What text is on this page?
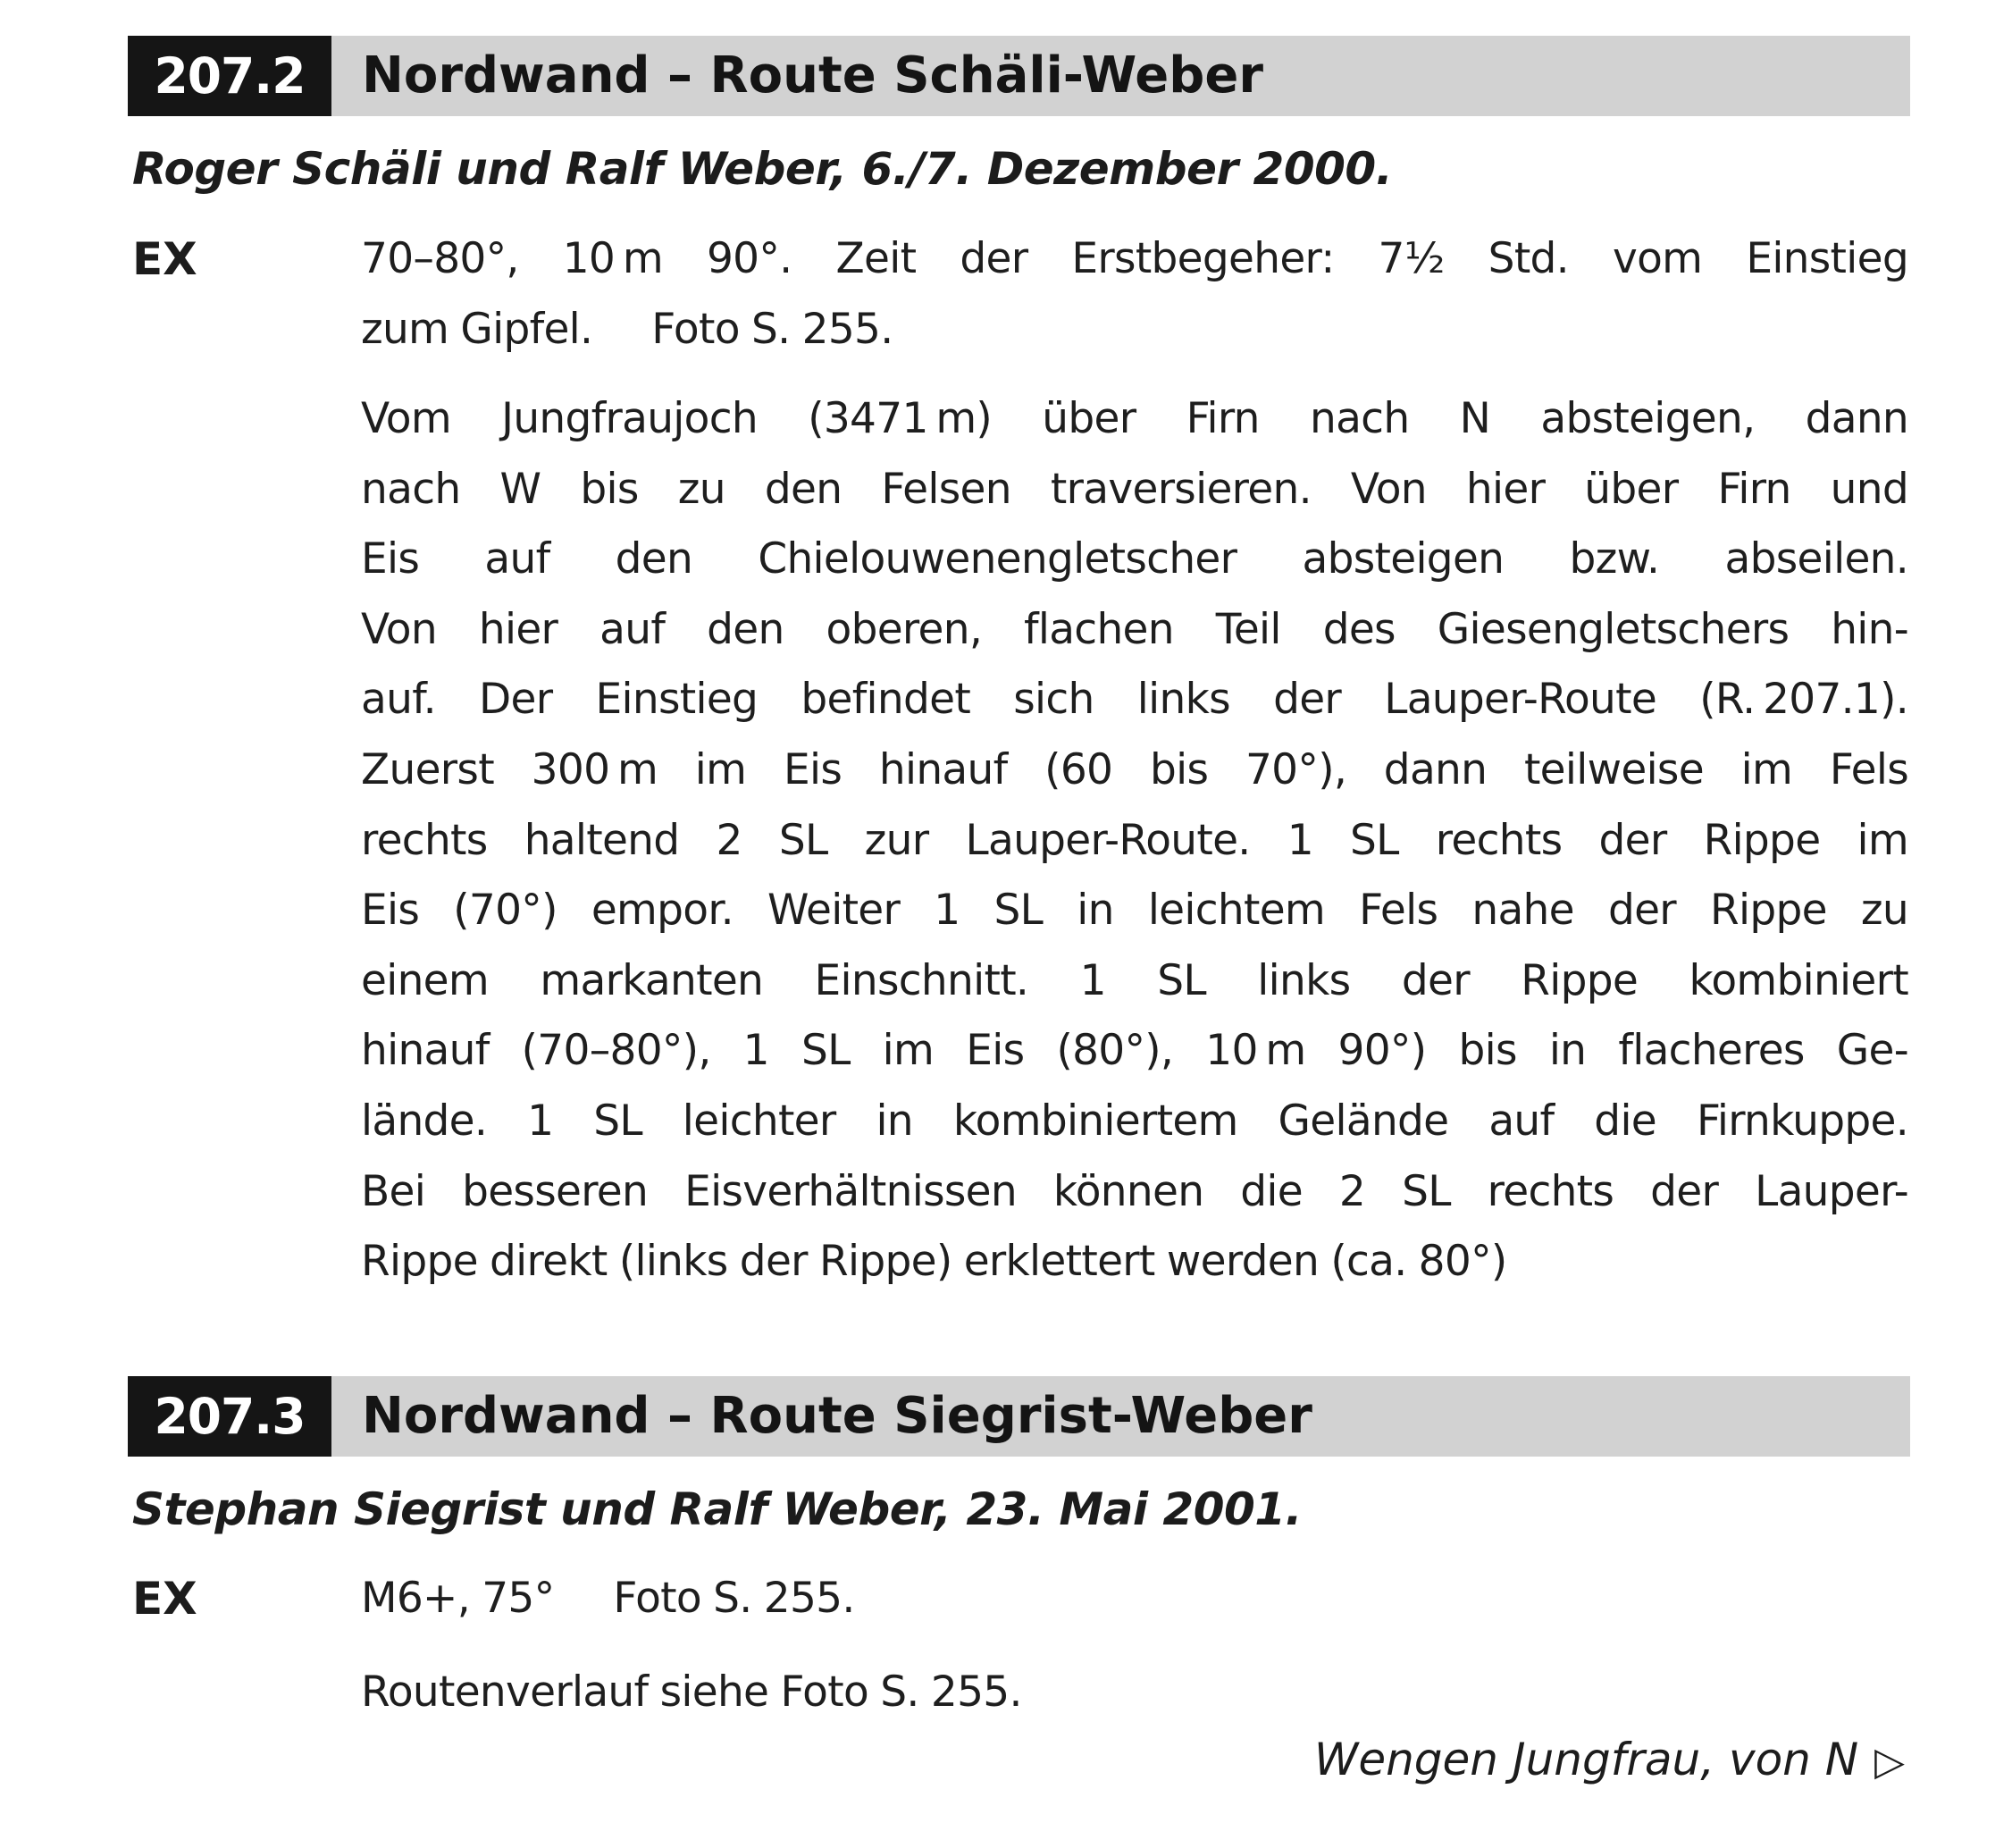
207.2	Nordwand – Route Schäli-Weber
Roger Schäli und Ralf Weber, 6./7. Dezember 2000.
EX	70–80°, 10 m 90°. Zeit der Erstbegeher: 7½ Std. vom Einstieg
zum Gipfel. Foto S. 255.
Vom Jungfraujoch (3471 m) über Firn nach N absteigen, dann
nach W bis zu den Felsen traversieren. Von hier über Firn und
Eis auf den Chielouwenengletscher absteigen bzw. abseilen.
Von hier auf den oberen, flachen Teil des Giesengletschers hin-
auf. Der Einstieg befindet sich links der Lauper-Route (R. 207.1).
Zuerst 300 m im Eis hinauf (60 bis 70°), dann teilweise im Fels
rechts haltend 2 SL zur Lauper-Route. 1 SL rechts der Rippe im
Eis (70°) empor. Weiter 1 SL in leichtem Fels nahe der Rippe zu
einem markanten Einschnitt. 1 SL links der Rippe kombiniert
hinauf (70–80°), 1 SL im Eis (80°), 10 m 90°) bis in flacheres Ge-
lände. 1 SL leichter in kombiniertem Gelände auf die Firnkuppe.
Bei besseren Eisverhältnissen können die 2 SL rechts der Lauper-
Rippe direkt (links der Rippe) erklettert werden (ca. 80°)
207.3	Nordwand – Route Siegrist-Weber
Stephan Siegrist und Ralf Weber, 23. Mai 2001.
EX	M6+, 75° Foto S. 255.
Routenverlauf siehe Foto S. 255.
Wengen Jungfrau, von N ▷
